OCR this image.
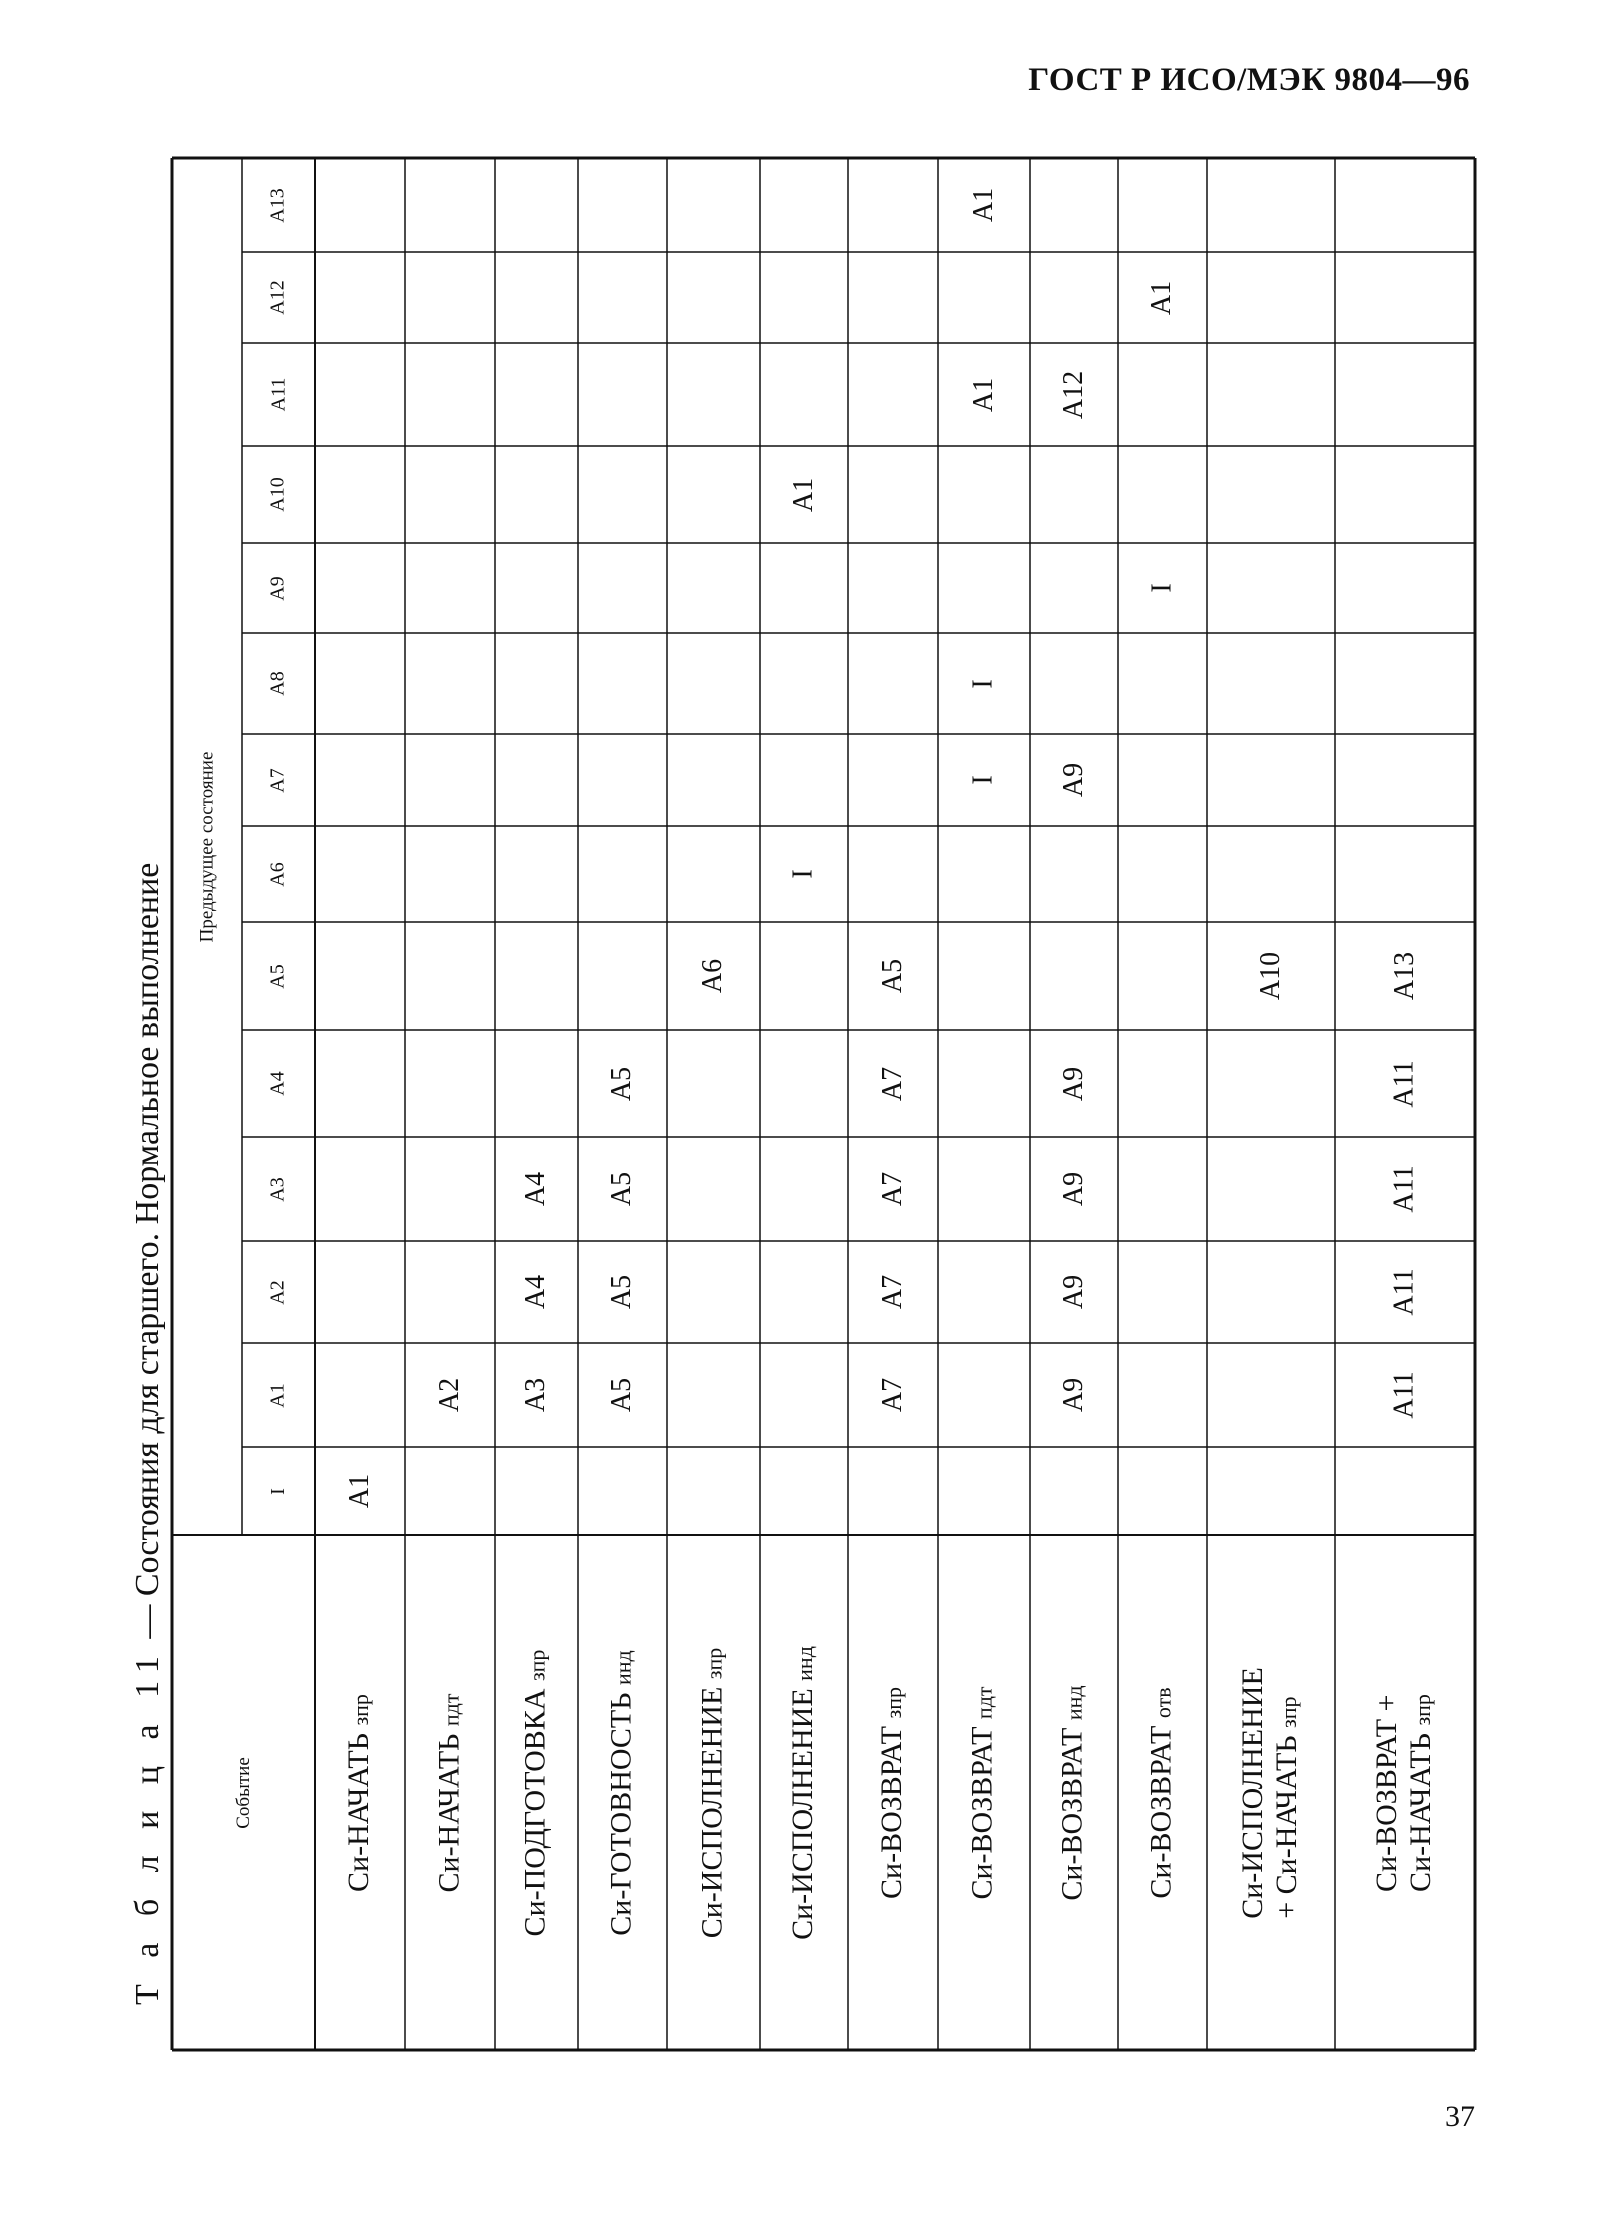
ГОСТ Р ИСО/МЭК 9804—96
Т а б л и ц а 11 — Состояния для старшего. Нормальное выполнение
Событие
Предыдущее состояние
I
A1
A2
A3
A4
A5
A6
A7
A8
A9
A10
A11
A12
A13
Си-НАЧАТЬ зпр
A1
Си-НАЧАТЬ пдт
A2
Си-ПОДГОТОВКА зпр
A3
A4
A4
Си-ГОТОВНОСТЬ инд
A5
A5
A5
A5
Си-ИСПОЛНЕНИЕ зпр
A6
Си-ИСПОЛНЕНИЕ инд
I
A1
Си-ВОЗВРАТ зпр
A7
A7
A7
A7
A5
Си-ВОЗВРАТ пдт
I
I
A1
A1
Си-ВОЗВРАТ инд
A9
A9
A9
A9
A9
A12
Си-ВОЗВРАТ отв
I
A1
Си-ИСПОЛНЕНИЕ
+ Си-НАЧАТЬ зпр
A10
Си-ВОЗВРАТ +
Си-НАЧАТЬ зпр
A11
A11
A11
A11
A13
37
